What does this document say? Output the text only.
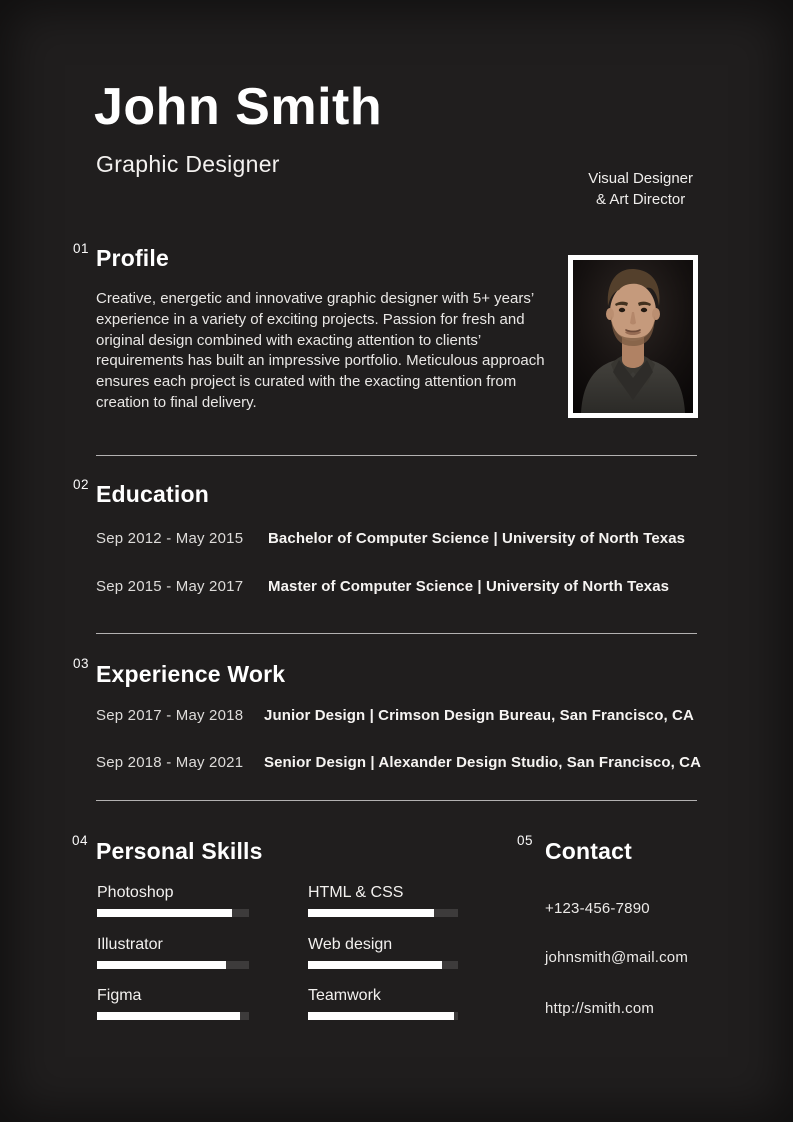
John Smith
Graphic Designer
Visual Designer
& Art Director
01 Profile
Creative, energetic and innovative graphic designer with 5+ years’ experience in a variety of exciting projects. Passion for fresh and original design combined with exacting attention to clients’ requirements has built an impressive portfolio. Meticulous approach ensures each project is curated with the exacting attention from creation to final delivery.
02 Education
Sep 2012 - May 2015 Bachelor of Computer Science | University of North Texas
Sep 2015 - May 2017 Master of Computer Science | University of North Texas
03 Experience Work
Sep 2017 - May 2018 Junior Design | Crimson Design Bureau, San Francisco, CA
Sep 2018 - May 2021 Senior Design | Alexander Design Studio, San Francisco, CA
04 Personal Skills
Photoshop
Illustrator
Figma
HTML & CSS
Web design
Teamwork
05 Contact
+123-456-7890
johnsmith@mail.com
http://smith.com
